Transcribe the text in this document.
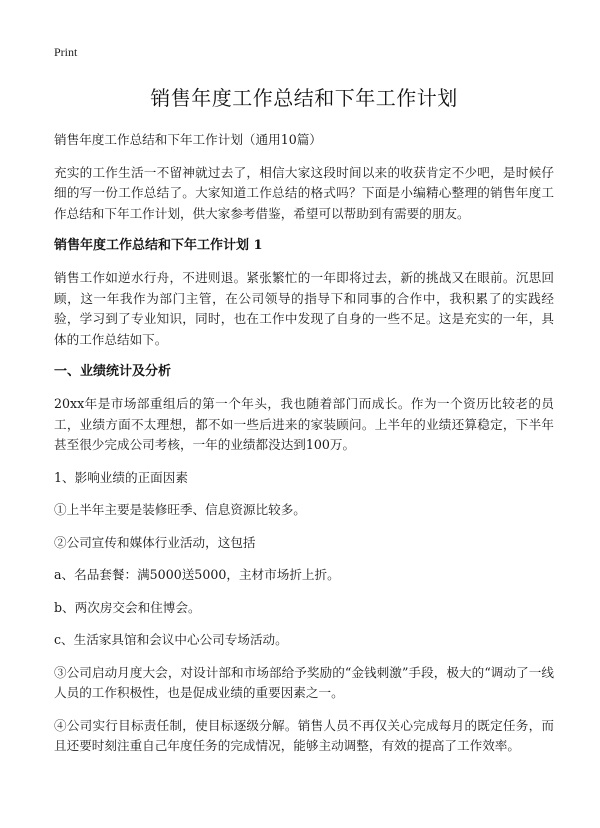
Print
销售年度工作总结和下年工作计划

销售年度工作总结和下年工作计划（通用10篇）

充实的工作生活一不留神就过去了，相信大家这段时间以来的收获肯定不少吧，是时候仔细的写一份工作总结了。大家知道工作总结的格式吗？下面是小编精心整理的销售年度工作总结和下年工作计划，供大家参考借鉴，希望可以帮助到有需要的朋友。

销售年度工作总结和下年工作计划 1

销售工作如逆水行舟，不进则退。紧张繁忙的一年即将过去，新的挑战又在眼前。沉思回顾，这一年我作为部门主管，在公司领导的指导下和同事的合作中，我积累了的实践经验，学习到了专业知识，同时，也在工作中发现了自身的一些不足。这是充实的一年，具体的工作总结如下。

一、业绩统计及分析

20xx年是市场部重组后的第一个年头，我也随着部门而成长。作为一个资历比较老的员工，业绩方面不太理想，都不如一些后进来的家装顾问。上半年的业绩还算稳定，下半年甚至很少完成公司考核，一年的业绩都没达到100万。

1、影响业绩的正面因素

①上半年主要是装修旺季、信息资源比较多。

②公司宣传和媒体行业活动，这包括

a、名品套餐：满5000送5000，主材市场折上折。

b、两次房交会和住博会。

c、生活家具馆和会议中心公司专场活动。

③公司启动月度大会，对设计部和市场部给予奖励的“金钱刺激”手段，极大的“调动了一线人员的工作积极性，也是促成业绩的重要因素之一。

④公司实行目标责任制，使目标逐级分解。销售人员不再仅关心完成每月的既定任务，而且还要时刻注重自己年度任务的完成情况，能够主动调整，有效的提高了工作效率。
